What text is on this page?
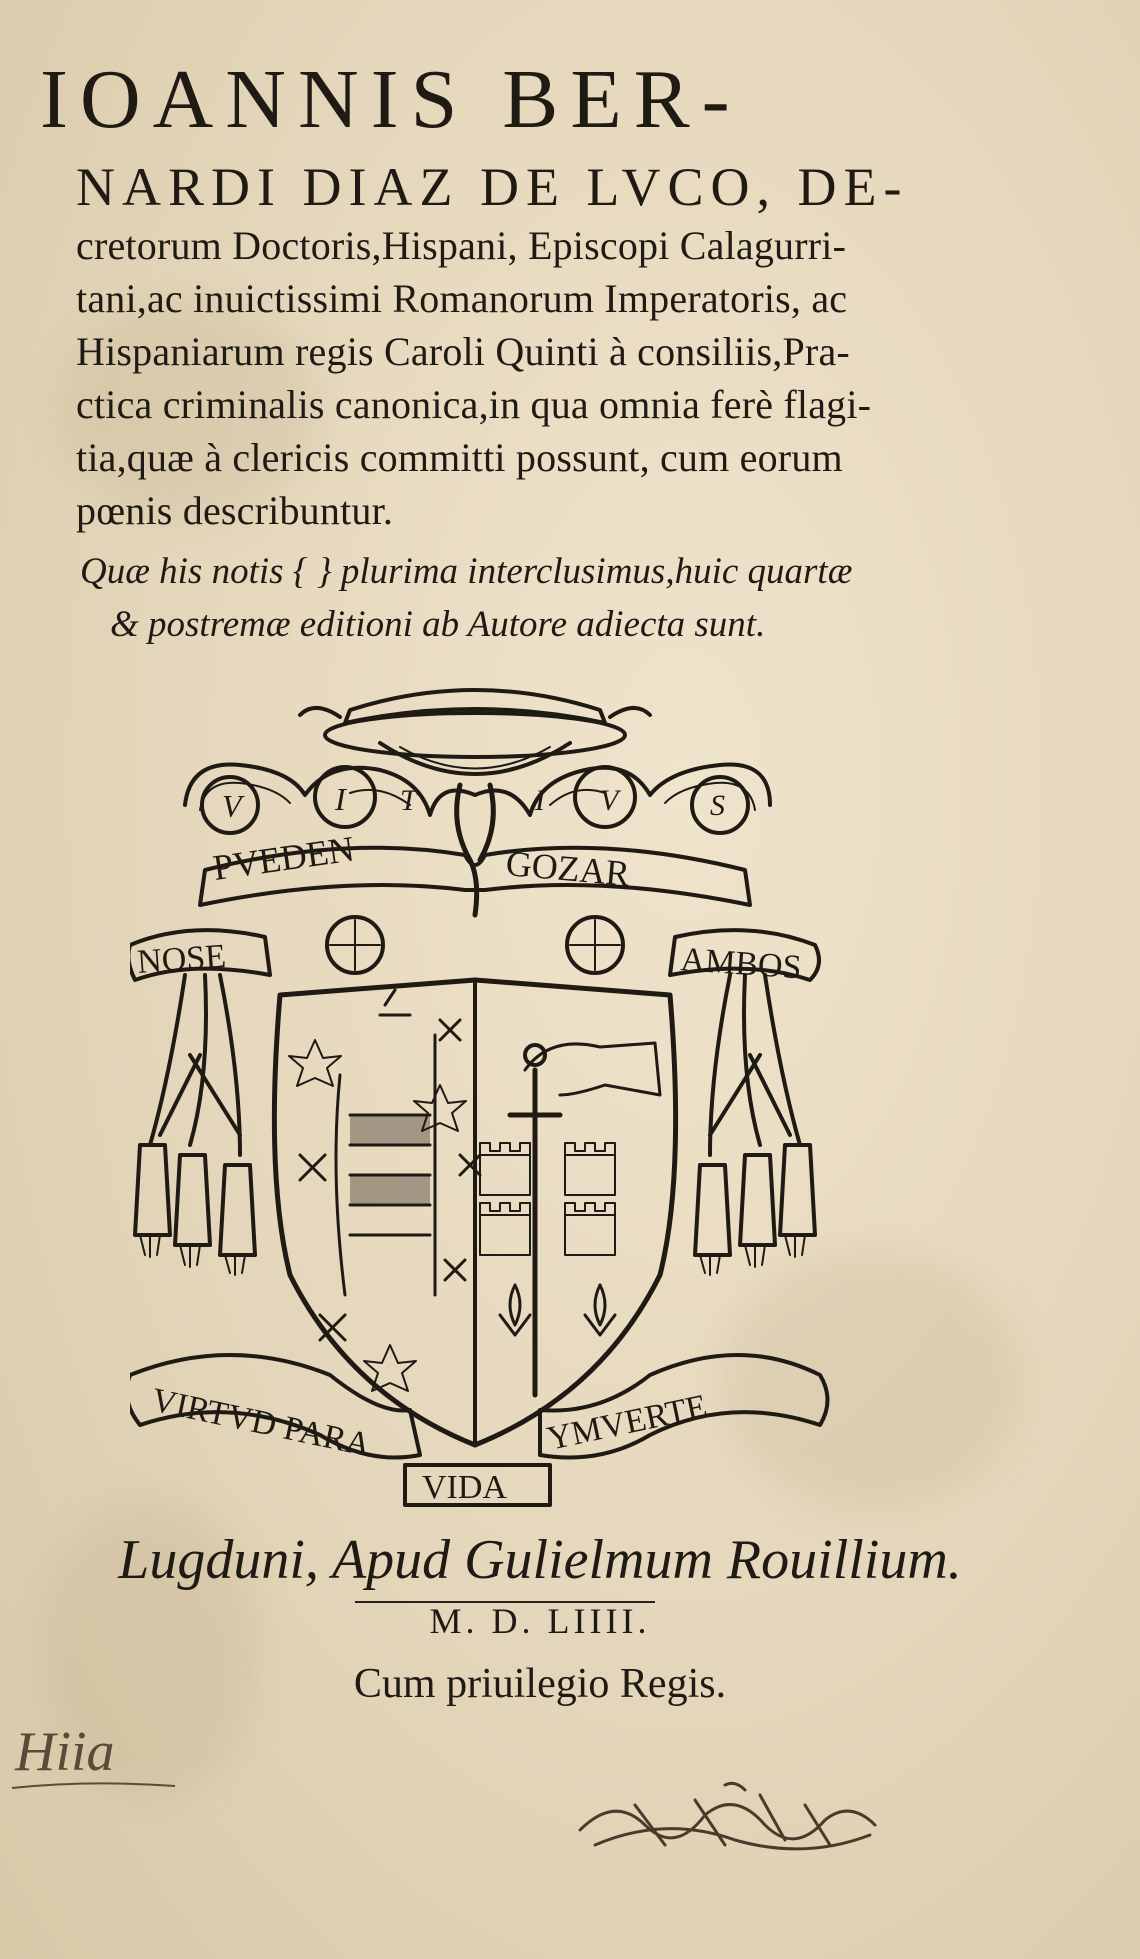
IOANNIS BER-
NARDI DIAZ DE LVCO, DE-
cretorum Doctoris,Hispani, Episcopi Calagurri-
tani,ac inuictissimi Romanorum Imperatoris, ac
Hispaniarum regis Caroli Quinti à consiliis,Pra-
ctica criminalis canonica,in qua omnia ferè flagi-
tia,quæ à clericis committi possunt, cum eorum
pœnis describuntur.
Quæ his notis { } plurima interclusimus,huic quartæ
& postremæ editioni ab Autore adiecta sunt.
V	I T	I V	S
PVEDEN	GOZAR
NOSE	AMBOS
VIRTVD PARA
VIDA
YMVERTE
Lugduni, Apud Gulielmum Rouillium.
M. D. LIIII.
Cum priuilegio Regis.
Hiia
